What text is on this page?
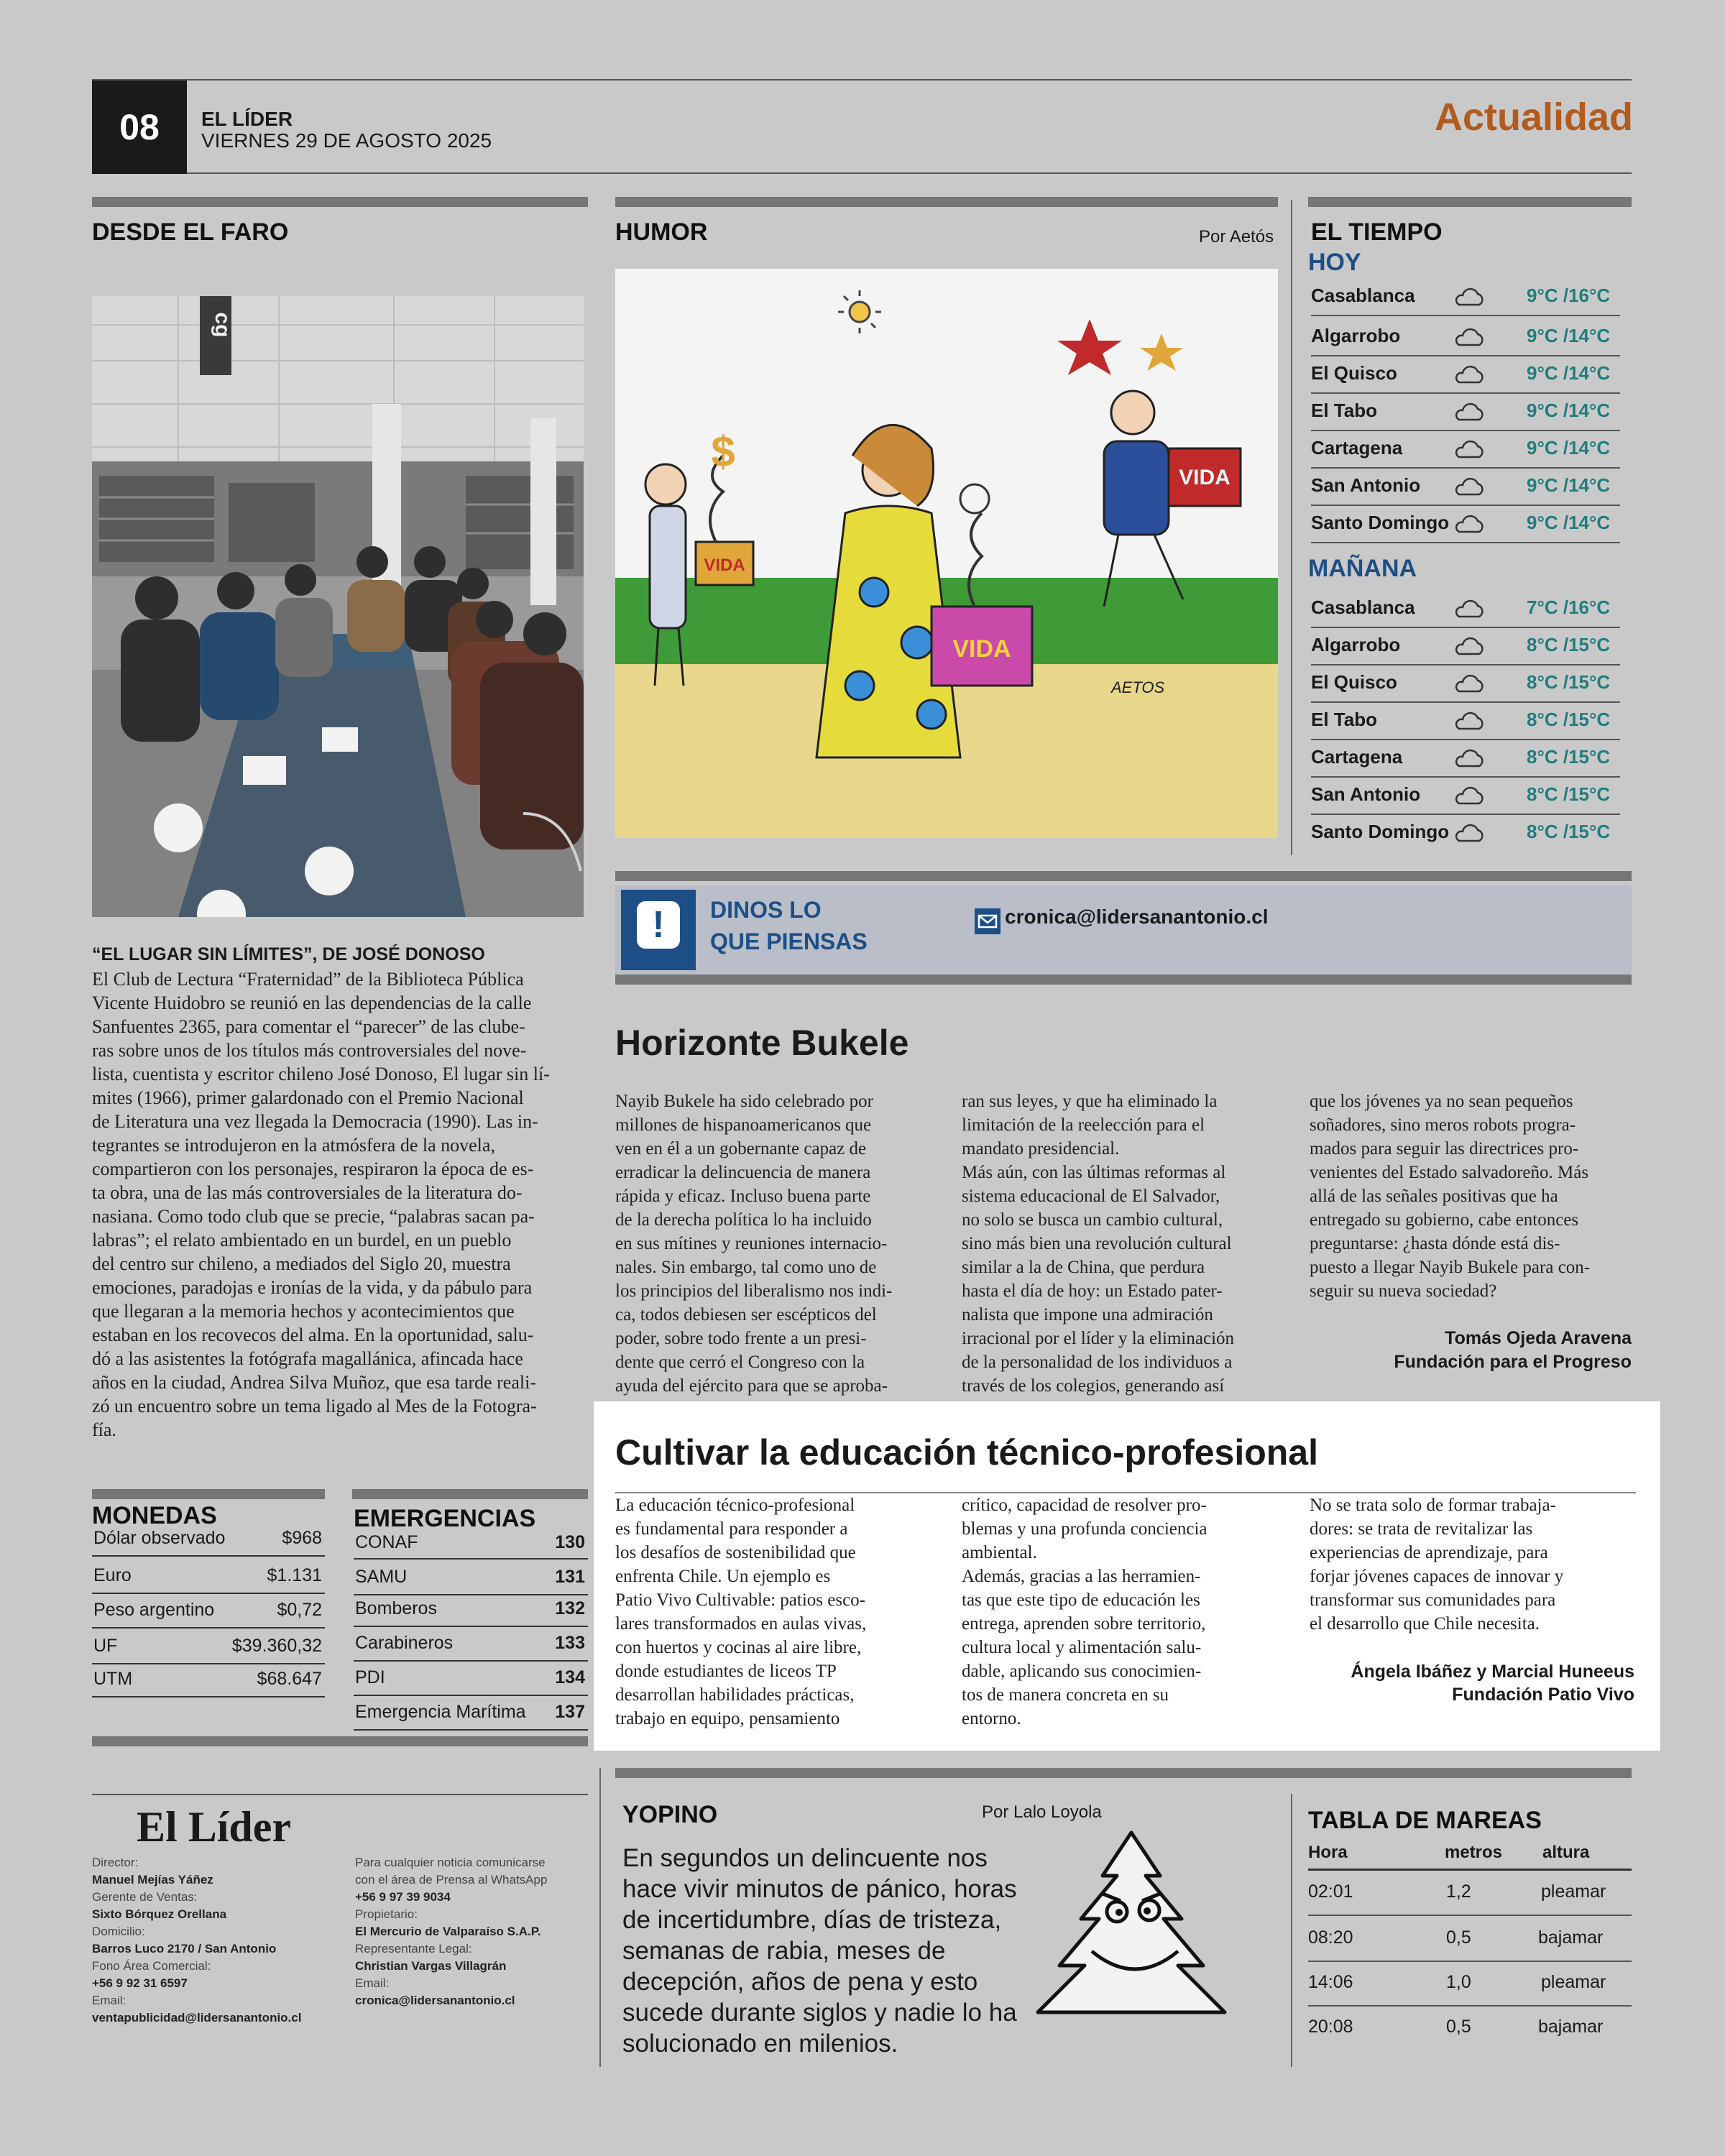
08	EL LÍDER
VIERNES 29 DE AGOSTO 2025
Actualidad
DESDE EL FARO
cg
“EL LUGAR SIN LÍMITES”, DE JOSÉ DONOSO
El Club de Lectura “Fraternidad” de la Biblioteca Pública
Vicente Huidobro se reunió en las dependencias de la calle
Sanfuentes 2365, para comentar el “parecer” de las clube-
ras sobre unos de los títulos más controversiales del nove-
lista, cuentista y escritor chileno José Donoso, El lugar sin lí-
mites (1966), primer galardonado con el Premio Nacional
de Literatura una vez llegada la Democracia (1990). Las in-
tegrantes se introdujeron en la atmósfera de la novela,
compartieron con los personajes, respiraron la época de es-
ta obra, una de las más controversiales de la literatura do-
nasiana. Como todo club que se precie, “palabras sacan pa-
labras”; el relato ambientado en un burdel, en un pueblo
del centro sur chileno, a mediados del Siglo 20, muestra
emociones, paradojas e ironías de la vida, y da pábulo para
que llegaran a la memoria hechos y acontecimientos que
estaban en los recovecos del alma. En la oportunidad, salu-
dó a las asistentes la fotógrafa magallánica, afincada hace
años en la ciudad, Andrea Silva Muñoz, que esa tarde reali-
zó un encuentro sobre un tema ligado al Mes de la Fotogra-
fía.
HUMOR	Por Aetós
VIDA
$
VIDA
VIDA
AETOS
EL TIEMPO
HOY
Casablanca	9°C /16°C
Algarrobo	9°C /14°C
El Quisco	9°C /14°C
El Tabo	9°C /14°C
Cartagena	9°C /14°C
San Antonio	9°C /14°C
Santo Domingo	9°C /14°C
MAÑANA
Casablanca	7°C /16°C
Algarrobo	8°C /15°C
El Quisco	8°C /15°C
El Tabo	8°C /15°C
Cartagena	8°C /15°C
San Antonio	8°C /15°C
Santo Domingo	8°C /15°C
!	DINOS LO
QUE PIENSAS
cronica@lidersanantonio.cl
Horizonte Bukele
Nayib Bukele ha sido celebrado por
millones de hispanoamericanos que
ven en él a un gobernante capaz de
erradicar la delincuencia de manera
rápida y eficaz. Incluso buena parte
de la derecha política lo ha incluido
en sus mítines y reuniones internacio-
nales. Sin embargo, tal como uno de
los principios del liberalismo nos indi-
ca, todos debiesen ser escépticos del
poder, sobre todo frente a un presi-
dente que cerró el Congreso con la
ayuda del ejército para que se aproba-
ran sus leyes, y que ha eliminado la
limitación de la reelección para el
mandato presidencial.
Más aún, con las últimas reformas al
sistema educacional de El Salvador,
no solo se busca un cambio cultural,
sino más bien una revolución cultural
similar a la de China, que perdura
hasta el día de hoy: un Estado pater-
nalista que impone una admiración
irracional por el líder y la eliminación
de la personalidad de los individuos a
través de los colegios, generando así
que los jóvenes ya no sean pequeños
soñadores, sino meros robots progra-
mados para seguir las directrices pro-
venientes del Estado salvadoreño. Más
allá de las señales positivas que ha
entregado su gobierno, cabe entonces
preguntarse: ¿hasta dónde está dis-
puesto a llegar Nayib Bukele para con-
seguir su nueva sociedad?
Tomás Ojeda Aravena
Fundación para el Progreso
Cultivar la educación técnico-profesional
La educación técnico-profesional
es fundamental para responder a
los desafíos de sostenibilidad que
enfrenta Chile. Un ejemplo es
Patio Vivo Cultivable: patios esco-
lares transformados en aulas vivas,
con huertos y cocinas al aire libre,
donde estudiantes de liceos TP
desarrollan habilidades prácticas,
trabajo en equipo, pensamiento
crítico, capacidad de resolver pro-
blemas y una profunda conciencia
ambiental.
Además, gracias a las herramien-
tas que este tipo de educación les
entrega, aprenden sobre territorio,
cultura local y alimentación salu-
dable, aplicando sus conocimien-
tos de manera concreta en su
entorno.
No se trata solo de formar trabaja-
dores: se trata de revitalizar las
experiencias de aprendizaje, para
forjar jóvenes capaces de innovar y
transformar sus comunidades para
el desarrollo que Chile necesita.
Ángela Ibáñez y Marcial Huneeus
Fundación Patio Vivo
MONEDAS
Dólar observado	$968
Euro	$1.131
Peso argentino	$0,72
UF	$39.360,32
UTM	$68.647
EMERGENCIAS
CONAF	130
SAMU	131
Bomberos	132
Carabineros	133
PDI	134
Emergencia Marítima 137
El Líder
Director:
Manuel Mejías Yáñez
Gerente de Ventas:
Sixto Bórquez Orellana
Domicilio:
Barros Luco 2170 / San Antonio
Fono Área Comercial:
+56 9 92 31 6597
Email:
ventapublicidad@lidersanantonio.cl
Para cualquier noticia comunicarse
con el área de Prensa al WhatsApp
+56 9 97 39 9034
Propietario:
El Mercurio de Valparaíso S.A.P.
Representante Legal:
Christian Vargas Villagrán
Email:
cronica@lidersanantonio.cl
YOPINO	Por Lalo Loyola
En segundos un delincuente nos
hace vivir minutos de pánico, horas
de incertidumbre, días de tristeza,
semanas de rabia, meses de
decepción, años de pena y esto
sucede durante siglos y nadie lo ha
solucionado en milenios.
TABLA DE MAREAS
Hora	metros altura
02:01	1,2	pleamar
08:20	0,5	bajamar
14:06	1,0	pleamar
20:08	0,5	bajamar
